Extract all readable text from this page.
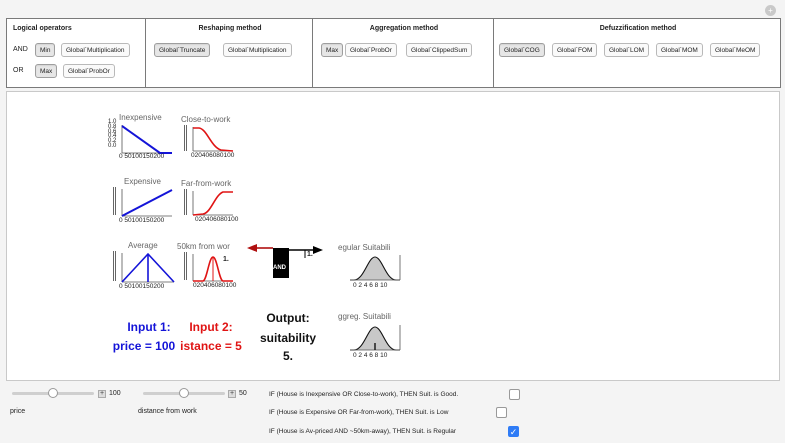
+
Logical operators
AND	Min	Global`Multiplication
OR	Max	Global`ProbOr
Reshaping method
Global`Truncate	Global`Multiplication
Aggregation method
Max	Global`ProbOr	Global`ClippedSum
Defuzzification method
Global`COG	Global`FOM	Global`LOM	Global`MOM	Global`MeOM
Inexpensive
1.0 0.8 0.6 0.4 0.2 0.0
0 50100150200
Close-to-work
020406080100
Expensive
0 50100150200
Far-from-work
020406080100
Average
0 50100150200
50km from wor
1.
020406080100
AND
1.
egular Suitabili
0 2 4 6 8 10
ggreg. Suitabili
0 2 4 6 8 10
Input 1:
price = 100
Input 2:
istance = 5
Output:
suitability
5.
+ 100
price
+ 50
distance from work
IF (House is Inexpensive OR Close-to-work), THEN Suit. is Good.
IF (House is Expensive OR Far-from-work), THEN Suit. is Low
IF (House is Av-priced AND ~50km-away), THEN Suit. is Regular	✓
